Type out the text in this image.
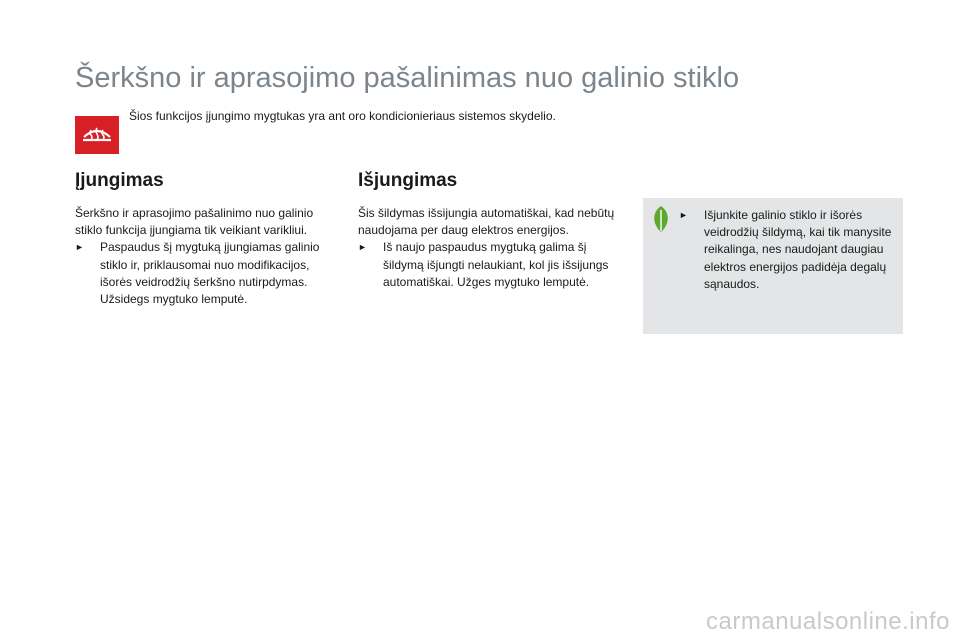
Šerkšno ir aprasojimo pašalinimas nuo galinio stiklo
Šios funkcijos įjungimo mygtukas yra ant oro kondicionieriaus sistemos skydelio.
Įjungimas

Šerkšno ir aprasojimo pašalinimo nuo galinio stiklo funkcija įjungiama tik veikiant varikliui.

►	Paspaudus šį mygtuką įjungiamas galinio stiklo ir, priklausomai nuo modifikacijos, išorės veidrodžių šerkšno nutirpdymas. Užsidegs mygtuko lemputė.
Išjungimas

Šis šildymas išsijungia automatiškai, kad nebūtų naudojama per daug elektros energijos.

►	Iš naujo paspaudus mygtuką galima šį šildymą išjungti nelaukiant, kol jis išsijungs automatiškai. Užges mygtuko lemputė.
►	Išjunkite galinio stiklo ir išorės veidrodžių šildymą, kai tik manysite reikalinga, nes naudojant daugiau elektros energijos padidėja degalų sąnaudos.
carmanualsonline.info
